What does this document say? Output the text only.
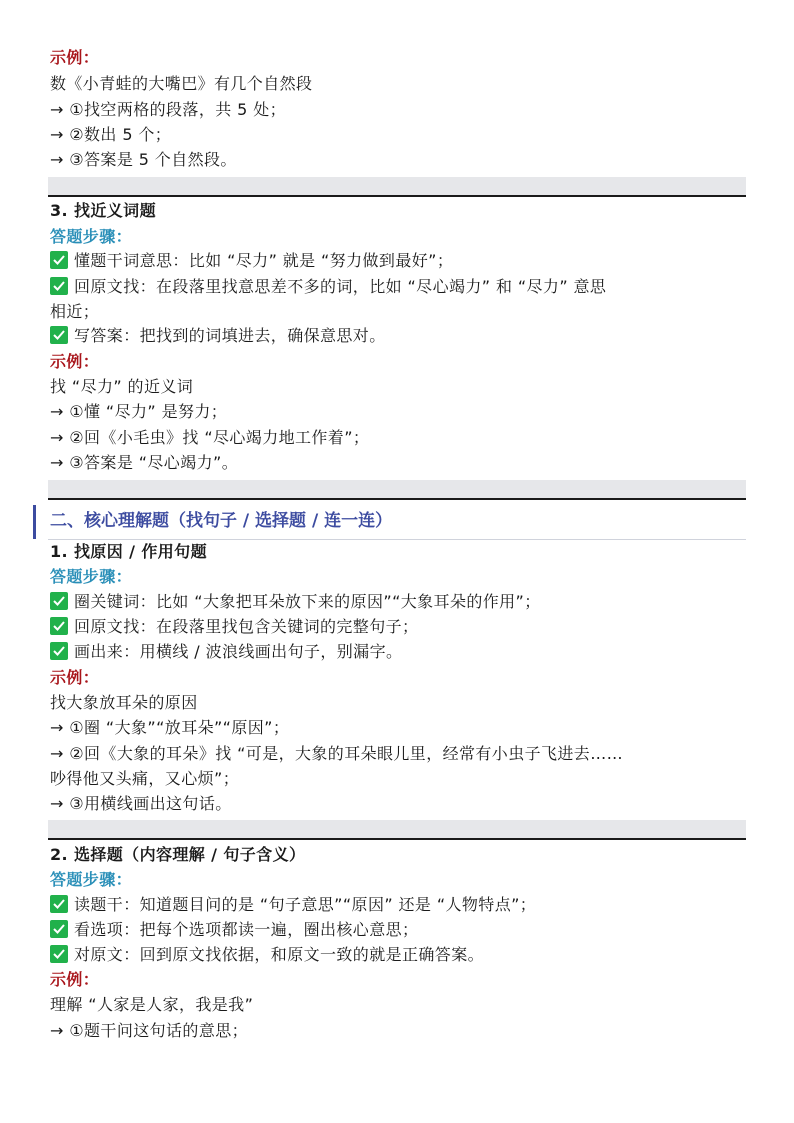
示例：
数《小青蛙的大嘴巴》有几个自然段
→ ①找空两格的段落，共 5 处；
→ ②数出 5 个；
→ ③答案是 5 个自然段。
3. 找近义词题
答题步骤：
懂题干词意思：比如 “尽力” 就是 “努力做到最好”；
回原文找：在段落里找意思差不多的词，比如 “尽心竭力” 和 “尽力” 意思
相近；
写答案：把找到的词填进去，确保意思对。
示例：
找 “尽力” 的近义词
→ ①懂 “尽力” 是努力；
→ ②回《小毛虫》找 “尽心竭力地工作着”；
→ ③答案是 “尽心竭力”。
二、核心理解题（找句子 / 选择题 / 连一连）
1. 找原因 / 作用句题
答题步骤：
圈关键词：比如 “大象把耳朵放下来的原因”“大象耳朵的作用”；
回原文找：在段落里找包含关键词的完整句子；
画出来：用横线 / 波浪线画出句子，别漏字。
示例：
找大象放耳朵的原因
→ ①圈 “大象”“放耳朵”“原因”；
→ ②回《大象的耳朵》找 “可是，大象的耳朵眼儿里，经常有小虫子飞进去……
吵得他又头痛，又心烦”；
→ ③用横线画出这句话。
2. 选择题（内容理解 / 句子含义）
答题步骤：
读题干：知道题目问的是 “句子意思”“原因” 还是 “人物特点”；
看选项：把每个选项都读一遍，圈出核心意思；
对原文：回到原文找依据，和原文一致的就是正确答案。
示例：
理解 “人家是人家，我是我”
→ ①题干问这句话的意思；
